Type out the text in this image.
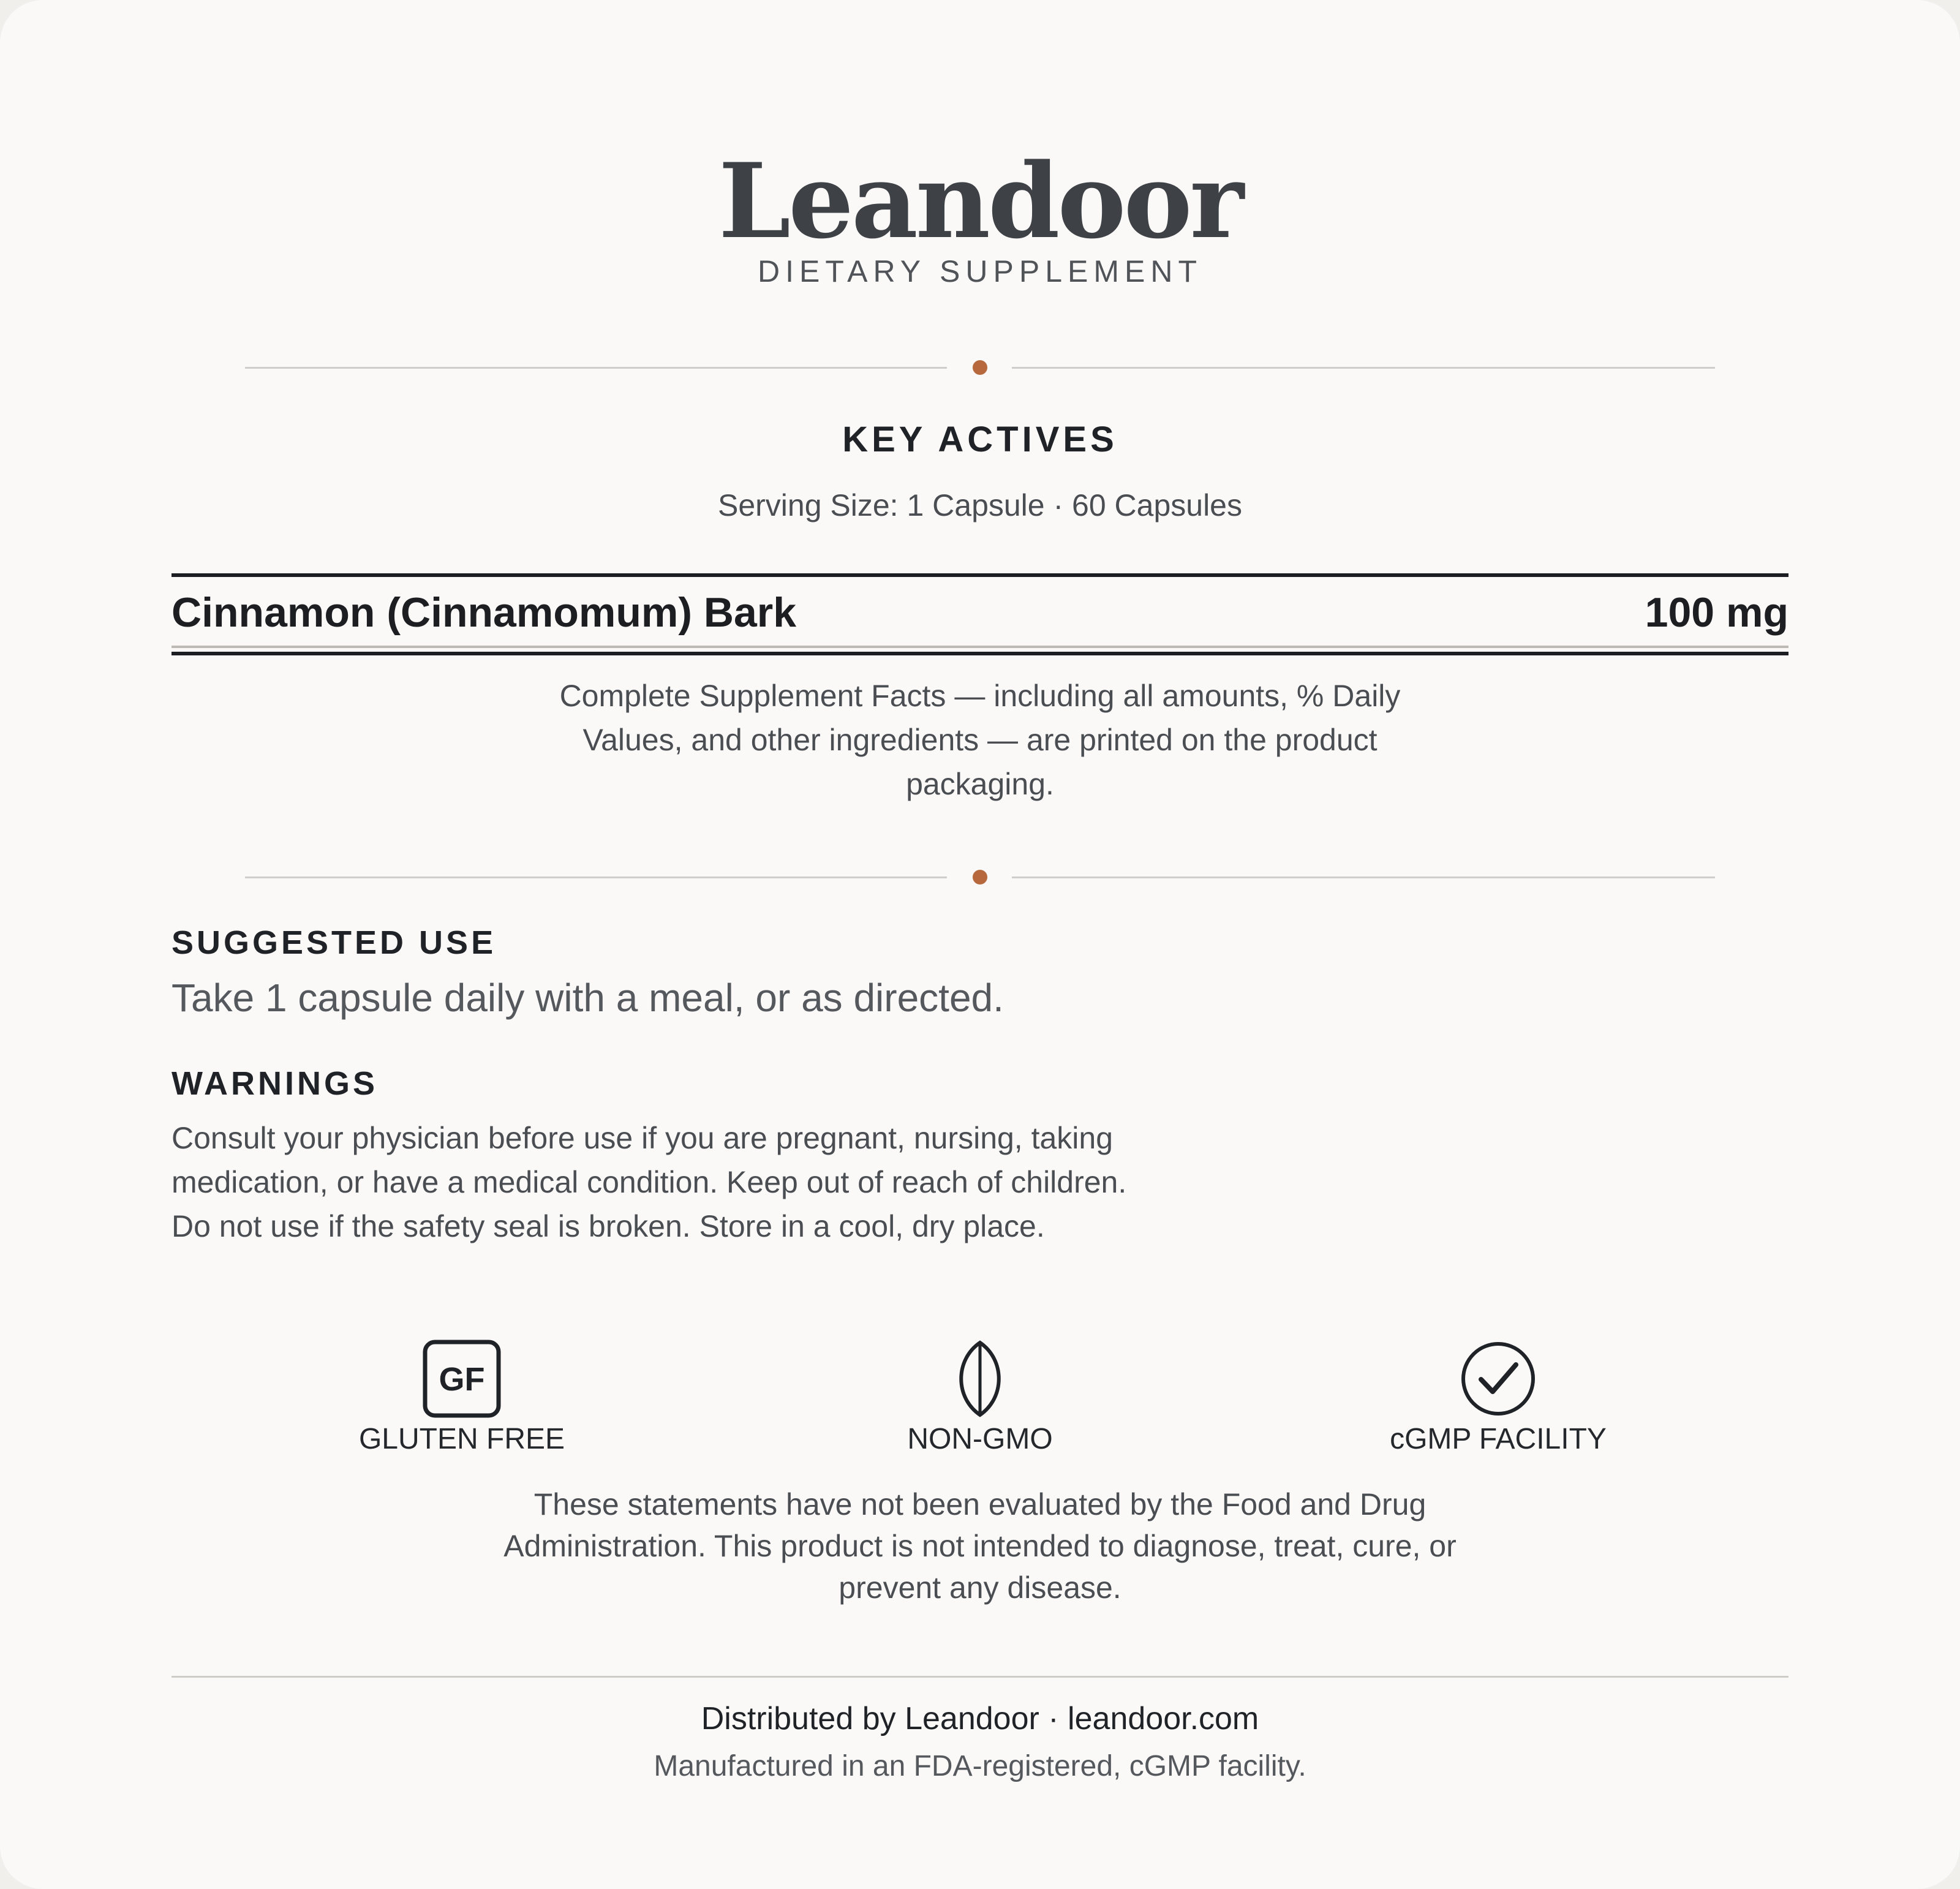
Leandoor
DIETARY SUPPLEMENT
KEY ACTIVES
Serving Size: 1 Capsule · 60 Capsules
Cinnamon (Cinnamomum) Bark	100 mg
Complete Supplement Facts — including all amounts, % Daily Values, and other ingredients — are printed on the product packaging.
SUGGESTED USE
Take 1 capsule daily with a meal, or as directed.
WARNINGS
Consult your physician before use if you are pregnant, nursing, taking medication, or have a medical condition. Keep out of reach of children. Do not use if the safety seal is broken. Store in a cool, dry place.
GF
GLUTEN FREE	NON-GMO	cGMP FACILITY
These statements have not been evaluated by the Food and Drug Administration. This product is not intended to diagnose, treat, cure, or prevent any disease.
Distributed by Leandoor · leandoor.com
Manufactured in an FDA-registered, cGMP facility.
